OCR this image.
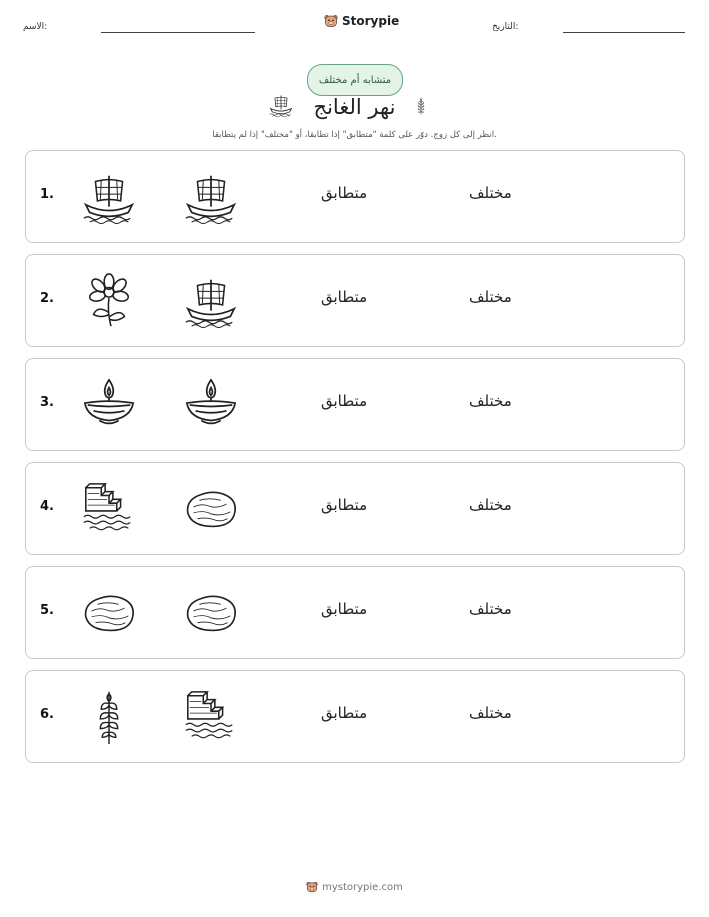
الاسم:	Storypie	التاريخ:
متشابه أم مختلف
نهر الغانج
انظر إلى كل زوج. دوّر على كلمة "متطابق" إذا تطابقا، أو "مختلف" إذا لم يتطابقا.
1.	متطابق	مختلف
2.	متطابق	مختلف
3.	متطابق	مختلف
4.	متطابق	مختلف
5.	متطابق	مختلف
6.	متطابق	مختلف
mystorypie.com
